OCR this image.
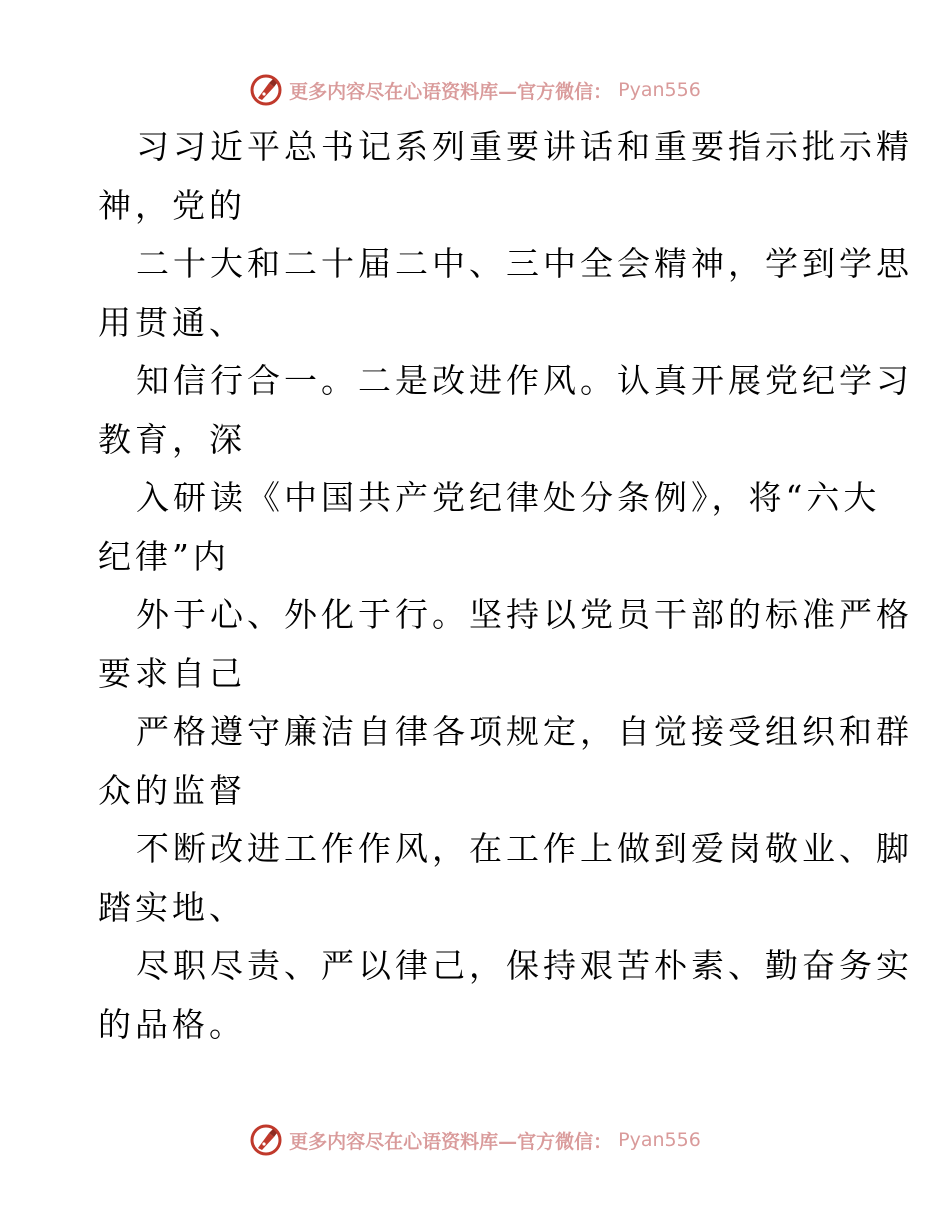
更多内容尽在心语资料库—官方微信： Pyan556
习习近平总书记系列重要讲话和重要指示批示精
神，党的
二十大和二十届二中、三中全会精神，学到学思
用贯通、
知信行合一。二是改进作风。认真开展党纪学习
教育，深
入研读《中国共产党纪律处分条例》，将“六大
纪律”内
外于心、外化于行。坚持以党员干部的标准严格
要求自己
严格遵守廉洁自律各项规定，自觉接受组织和群
众的监督
不断改进工作作风，在工作上做到爱岗敬业、脚
踏实地、
尽职尽责、严以律己，保持艰苦朴素、勤奋务实
的品格。
更多内容尽在心语资料库—官方微信： Pyan556
